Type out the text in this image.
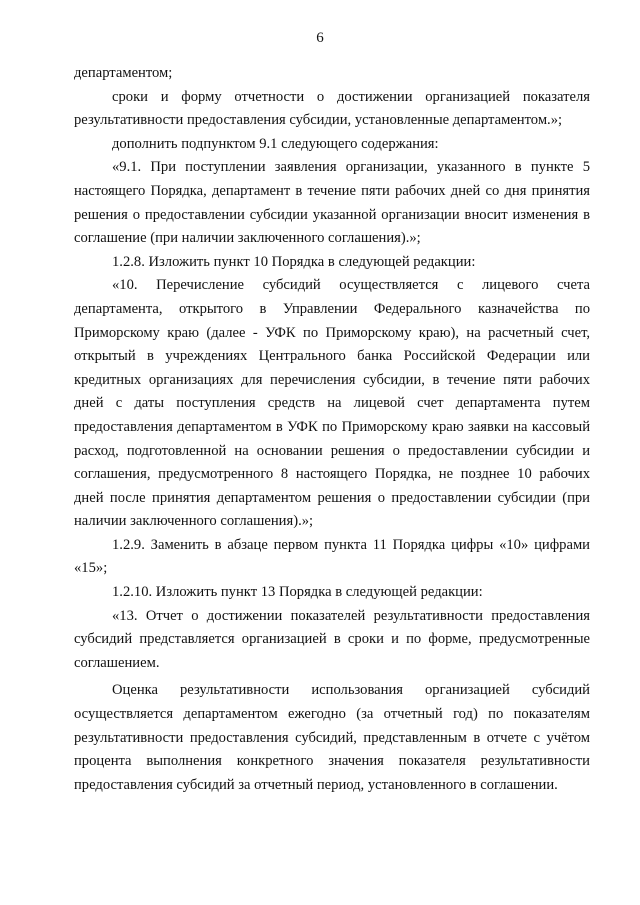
6

департаментом;

сроки и форму отчетности о достижении организацией показателя результативности предоставления субсидии, установленные департаментом.»;

дополнить подпунктом 9.1 следующего содержания:

«9.1. При поступлении заявления организации, указанного в пункте 5 настоящего Порядка, департамент в течение пяти рабочих дней со дня принятия решения о предоставлении субсидии указанной организации вносит изменения в соглашение (при наличии заключенного соглашения).»;

1.2.8. Изложить пункт 10 Порядка в следующей редакции:

«10. Перечисление субсидий осуществляется с лицевого счета департамента, открытого в Управлении Федерального казначейства по Приморскому краю (далее - УФК по Приморскому краю), на расчетный счет, открытый в учреждениях Центрального банка Российской Федерации или кредитных организациях для перечисления субсидии, в течение пяти рабочих дней с даты поступления средств на лицевой счет департамента путем предоставления департаментом в УФК по Приморскому краю заявки на кассовый расход, подготовленной на основании решения о предоставлении субсидии и соглашения, предусмотренного 8 настоящего Порядка, не позднее 10 рабочих дней после принятия департаментом решения о предоставлении субсидии (при наличии заключенного соглашения).»;

1.2.9. Заменить в абзаце первом пункта 11 Порядка цифры «10» цифрами «15»;

1.2.10. Изложить пункт 13 Порядка в следующей редакции:

«13. Отчет о достижении показателей результативности предоставления субсидий представляется организацией в сроки и по форме, предусмотренные соглашением.

Оценка результативности использования организацией субсидий осуществляется департаментом ежегодно (за отчетный год) по показателям результативности предоставления субсидий, представленным в отчете с учётом процента выполнения конкретного значения показателя результативности предоставления субсидий за отчетный период, установленного в соглашении.
